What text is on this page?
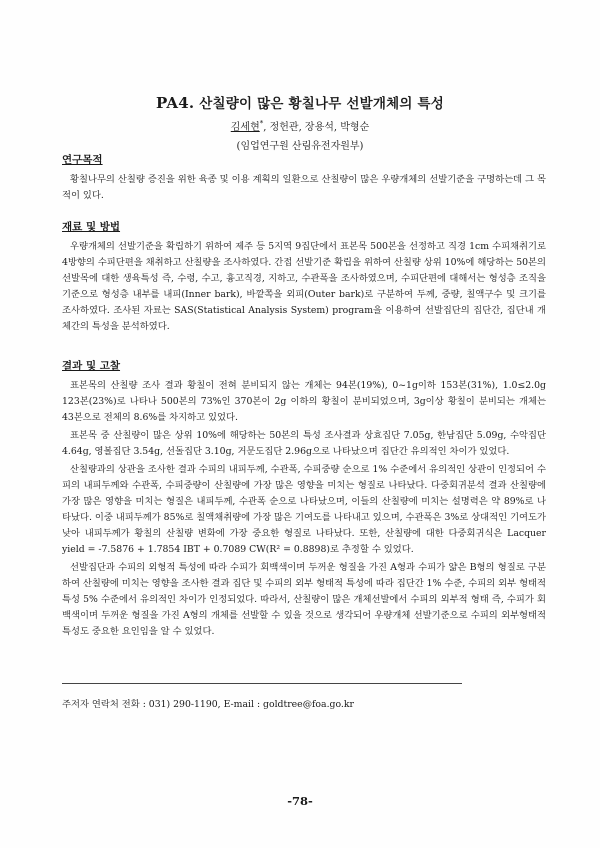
PA4. 산칠량이 많은 황칠나무 선발개체의 특성
김세현*, 정헌관, 장용석, 박형순
(임업연구원 산림유전자원부)
연구목적

황칠나무의 산칠량 증진을 위한 육종 및 이용 계획의 일환으로 산칠량이 많은 우량개체의 선발기준을 구명하는데 그 목적이 있다.

재료 및 방법

우량개체의 선발기준을 확립하기 위하여 제주 등 5지역 9집단에서 표본목 500본을 선정하고 직경 1cm 수피채취기로 4방향의 수피단편을 채취하고 산칠량을 조사하였다. 간접 선발기준 확립을 위하여 산칠량 상위 10%에 해당하는 50본의 선발목에 대한 생육특성 즉, 수령, 수고, 흉고직경, 지하고, 수관폭을 조사하였으며, 수피단편에 대해서는 형성층 조직을 기준으로 형성층 내부를 내피(Inner bark), 바깥쪽을 외피(Outer bark)로 구분하여 두께, 중량, 칠액구수 및 크기를 조사하였다. 조사된 자료는 SAS(Statistical Analysis System) program을 이용하여 선발집단의 집단간, 집단내 개체간의 특성을 분석하였다.

결과 및 고찰

표본목의 산칠량 조사 결과 황칠이 전혀 분비되지 않는 개체는 94본(19%), 0~1g이하 153본(31%), 1.0≤2.0g 123본(23%)로 나타나 500본의 73%인 370본이 2g 이하의 황칠이 분비되었으며, 3g이상 황칠이 분비되는 개체는 43본으로 전체의 8.6%를 차지하고 있었다.

표본목 중 산칠량이 많은 상위 10%에 해당하는 50본의 특성 조사결과 상효집단 7.05g, 한남집단 5.09g, 수악집단 4.64g, 영볼집단 3.54g, 선돌집단 3.10g, 거문도집단 2.96g으로 나타났으며 집단간 유의적인 차이가 있었다.

산칠량과의 상관을 조사한 결과 수피의 내피두께, 수관폭, 수피중량 순으로 1% 수준에서 유의적인 상관이 인정되어 수피의 내피두께와 수관폭, 수피중량이 산칠량에 가장 많은 영향을 미치는 형질로 나타났다. 다중회귀분석 결과 산칠량에 가장 많은 영향을 미치는 형질은 내피두께, 수관폭 순으로 나타났으며, 이들의 산칠량에 미치는 설명력은 약 89%로 나타났다. 이중 내피두께가 85%로 칠액채취량에 가장 많은 기여도를 나타내고 있으며, 수관폭은 3%로 상대적인 기여도가 낮아 내피두께가 황칠의 산칠량 변화에 가장 중요한 형질로 나타났다. 또한, 산칠량에 대한 다중회귀식은 Lacquer yield = -7.5876 + 1.7854 IBT + 0.7089 CW(R² = 0.8898)로 추정할 수 있었다.

선발집단과 수피의 외형적 특성에 따라 수피가 회백색이며 두꺼운 형질을 가진 A형과 수피가 얇은 B형의 형질로 구분하여 산칠량에 미치는 영향을 조사한 결과 집단 및 수피의 외부 형태적 특성에 따라 집단간 1% 수준, 수피의 외부 형태적 특성 5% 수준에서 유의적인 차이가 인정되었다. 따라서, 산칠량이 많은 개체선발에서 수피의 외부적 형태 즉, 수피가 회백색이며 두꺼운 형질을 가진 A형의 개체를 선발할 수 있을 것으로 생각되어 우량개체 선발기준으로 수피의 외부형태적 특성도 중요한 요인임을 알 수 있었다.

주저자 연락처 전화 : 031) 290-1190, E-mail : goldtree@foa.go.kr
-78-
